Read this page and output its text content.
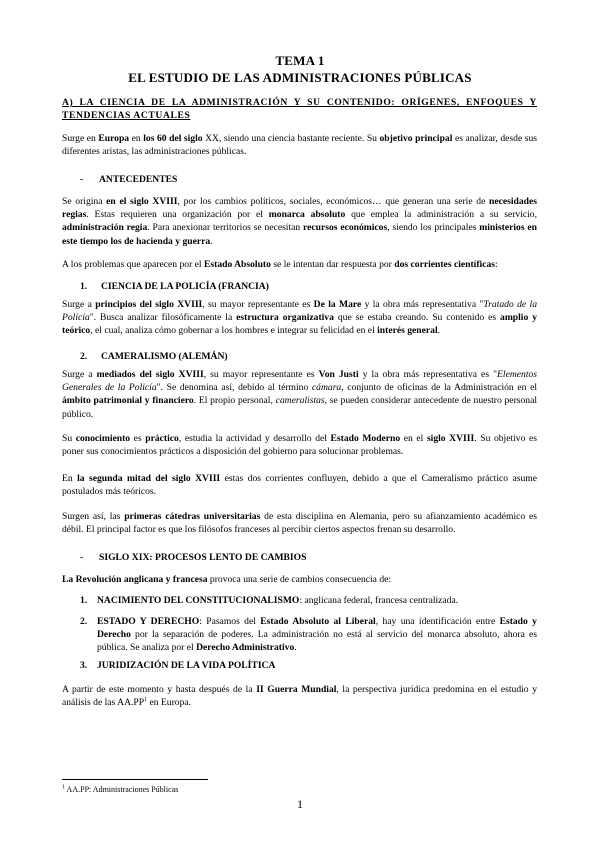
TEMA 1
EL ESTUDIO DE LAS ADMINISTRACIONES PÚBLICAS
A) LA CIENCIA DE LA ADMINISTRACIÓN Y SU CONTENIDO: ORÍGENES, ENFOQUES Y TENDENCIAS ACTUALES

Surge en Europa en los 60 del siglo XX, siendo una ciencia bastante reciente. Su objetivo principal es analizar, desde sus diferentes aristas, las administraciones públicas.

- ANTECEDENTES

Se origina en el siglo XVIII, por los cambios políticos, sociales, económicos… que generan una serie de necesidades regias. Estas requieren una organización por el monarca absoluto que emplea la administración a su servicio, administración regia. Para anexionar territorios se necesitan recursos económicos, siendo los principales ministerios en este tiempo los de hacienda y guerra.

A los problemas que aparecen por el Estado Absoluto se le intentan dar respuesta por dos corrientes científicas:

1. CIENCIA DE LA POLICÍA (FRANCIA)

Surge a principios del siglo XVIII, su mayor representante es De la Mare y la obra más representativa "Tratado de la Policía". Busca analizar filosóficamente la estructura organizativa que se estaba creando. Su contenido es amplio y teórico, el cual, analiza cómo gobernar a los hombres e integrar su felicidad en el interés general.

2. CAMERALISMO (ALEMÁN)

Surge a mediados del siglo XVIII, su mayor representante es Von Justi y la obra más representativa es "Elementos Generales de la Policía". Se denomina así, debido al término cámara, conjunto de oficinas de la Administración en el ámbito patrimonial y financiero. El propio personal, cameralistas, se pueden considerar antecedente de nuestro personal público.

Su conocimiento es práctico, estudia la actividad y desarrollo del Estado Moderno en el siglo XVIII. Su objetivo es poner sus conocimientos prácticos a disposición del gobierno para solucionar problemas.

En la segunda mitad del siglo XVIII estas dos corrientes confluyen, debido a que el Cameralismo práctico asume postulados más teóricos.

Surgen así, las primeras cátedras universitarias de esta disciplina en Alemania, pero su afianzamiento académico es débil. El principal factor es que los filósofos franceses al percibir ciertos aspectos frenan su desarrollo.

- SIGLO XIX: PROCESOS LENTO DE CAMBIOS

La Revolución anglicana y francesa provoca una serie de cambios consecuencia de:

1. NACIMIENTO DEL CONSTITUCIONALISMO: anglicana federal, francesa centralizada.

2. ESTADO Y DERECHO: Pasamos del Estado Absoluto al Liberal, hay una identificación entre Estado y Derecho por la separación de poderes. La administración no está al servicio del monarca absoluto, ahora es pública. Se analiza por el Derecho Administrativo.

3. JURIDIZACIÓN DE LA VIDA POLÍTICA

A partir de este momento y hasta después de la II Guerra Mundial, la perspectiva jurídica predomina en el estudio y análisis de las $AA.PP^1$ en Europa.

$^1$ AA.PP: Administraciones Públicas
1
